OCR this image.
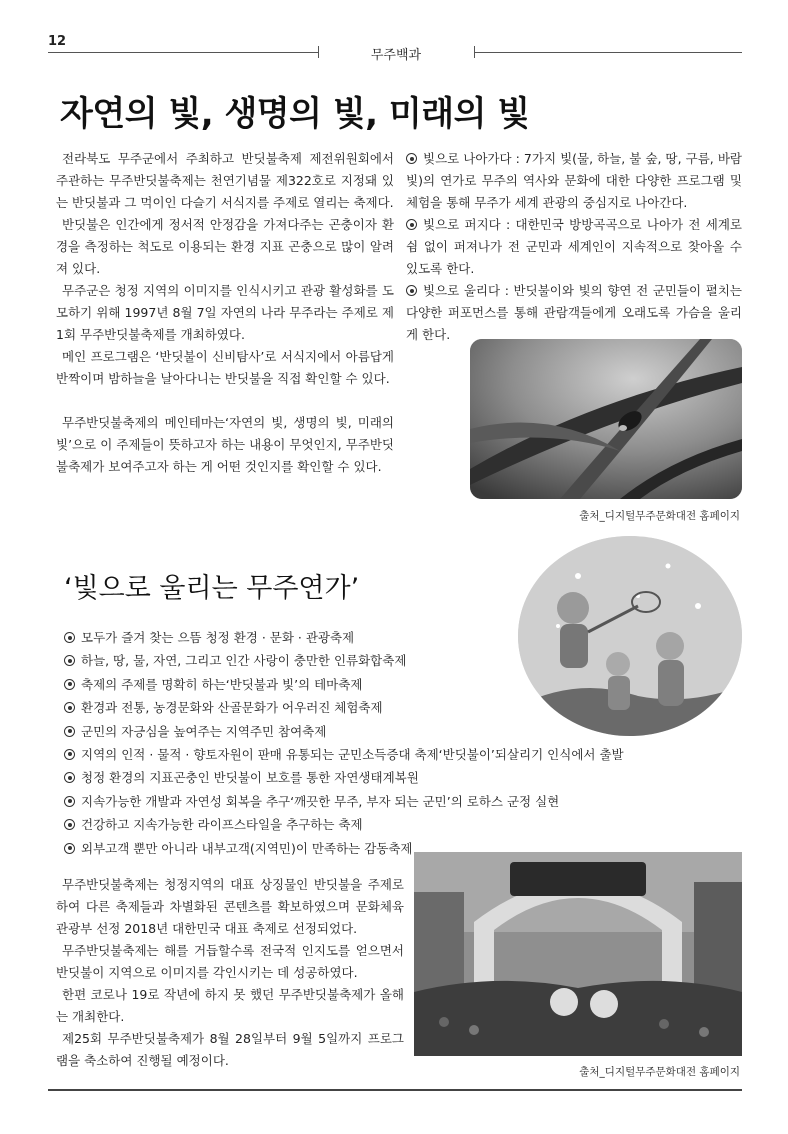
12
무주백과
자연의 빛, 생명의 빛, 미래의 빛

전라북도 무주군에서 주최하고 반딧불축제 제전위원회에서 주관하는 무주반딧불축제는 천연기념물 제322호로 지정돼 있는 반딧불과 그 먹이인 다슬기 서식지를 주제로 열리는 축제다.

반딧불은 인간에게 정서적 안정감을 가져다주는 곤충이자 환경을 측정하는 척도로 이용되는 환경 지표 곤충으로 많이 알려져 있다.

무주군은 청정 지역의 이미지를 인식시키고 관광 활성화를 도모하기 위해 1997년 8월 7일 자연의 나라 무주라는 주제로 제1회 무주반딧불축제를 개최하였다.

메인 프로그램은 ‘반딧불이 신비탐사’로 서식지에서 아름답게 반짝이며 밤하늘을 날아다니는 반딧불을 직접 확인할 수 있다.

무주반딧불축제의 메인테마는‘자연의 빛, 생명의 빛, 미래의 빛’으로 이 주제들이 뜻하고자 하는 내용이 무엇인지, 무주반딧불축제가 보여주고자 하는 게 어떤 것인지를 확인할 수 있다.

빛으로 나아가다 : 7가지 빛(물, 하늘, 불 숲, 땅, 구름, 바람빛)의 연가로 무주의 역사와 문화에 대한 다양한 프로그램 및 체험을 통해 무주가 세계 관광의 중심지로 나아간다.

빛으로 퍼지다 : 대한민국 방방곡곡으로 나아가 전 세계로 쉼 없이 퍼져나가 전 군민과 세계인이 지속적으로 찾아올 수 있도록 한다.

빛으로 울리다 : 반딧불이와 빛의 향연 전 군민들이 펼치는 다양한 퍼포먼스를 통해 관람객들에게 오래도록 가슴을 울리게 한다.

출처_디지털무주문화대전 홈페이지
‘빛으로 울리는 무주연가’
모두가 즐겨 찾는 으뜸 청정 환경 · 문화 · 관광축제
하늘, 땅, 물, 자연, 그리고 인간 사랑이 충만한 인류화합축제
축제의 주제를 명확히 하는‘반딧불과 빛’의 테마축제
환경과 전통, 농경문화와 산골문화가 어우러진 체험축제
군민의 자긍심을 높여주는 지역주민 참여축제
지역의 인적 · 물적 · 향토자원이 판매 유통되는 군민소득증대 축제‘반딧불이’되살리기 인식에서 출발
청정 환경의 지표곤충인 반딧불이 보호를 통한 자연생태계복원
지속가능한 개발과 자연성 회복을 추구‘깨끗한 무주, 부자 되는 군민’의 로하스 군정 실현
건강하고 지속가능한 라이프스타일을 추구하는 축제
외부고객 뿐만 아니라 내부고객(지역민)이 만족하는 감동축제

무주반딧불축제는 청정지역의 대표 상징물인 반딧불을 주제로 하여 다른 축제들과 차별화된 콘텐츠를 확보하였으며 문화체육관광부 선정 2018년 대한민국 대표 축제로 선정되었다.

무주반딧불축제는 해를 거듭할수록 전국적 인지도를 얻으면서 반딧불이 지역으로 이미지를 각인시키는 데 성공하였다.

한편 코로나 19로 작년에 하지 못 했던 무주반딧불축제가 올해는 개최한다.

제25회 무주반딧불축제가 8월 28일부터 9월 5일까지 프로그램을 축소하여 진행될 예정이다.

출처_디지털무주문화대전 홈페이지
